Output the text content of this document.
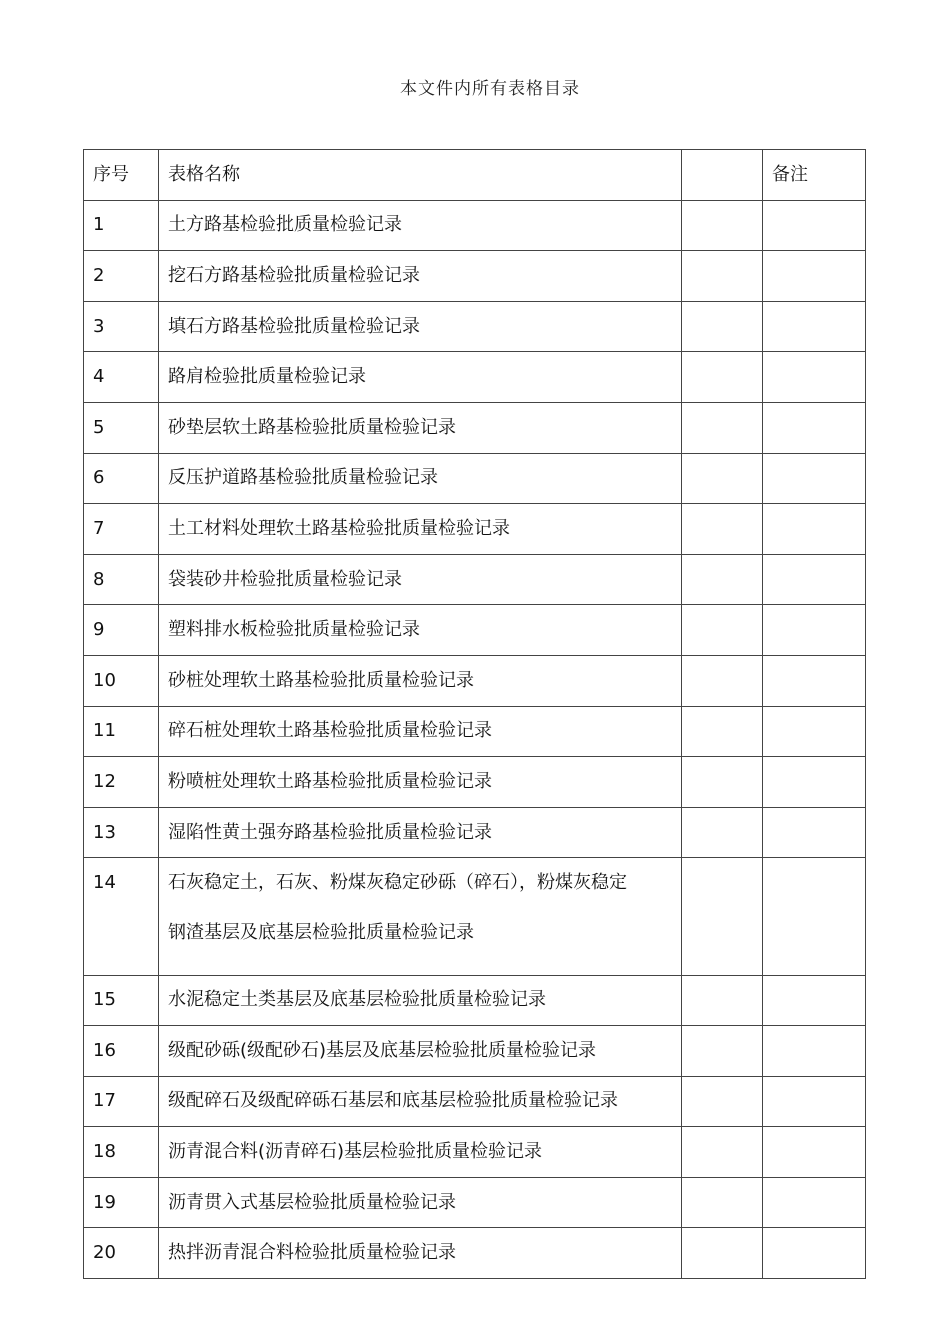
本文件内所有表格目录
序号	表格名称		备注
1	土方路基检验批质量检验记录		
2	挖石方路基检验批质量检验记录		
3	填石方路基检验批质量检验记录		
4	路肩检验批质量检验记录		
5	砂垫层软土路基检验批质量检验记录		
6	反压护道路基检验批质量检验记录		
7	土工材料处理软土路基检验批质量检验记录		
8	袋装砂井检验批质量检验记录		
9	塑料排水板检验批质量检验记录		
10	砂桩处理软土路基检验批质量检验记录		
11	碎石桩处理软土路基检验批质量检验记录		
12	粉喷桩处理软土路基检验批质量检验记录		
13	湿陷性黄土强夯路基检验批质量检验记录		
14	石灰稳定土，石灰、粉煤灰稳定砂砾（碎石），粉煤灰稳定
钢渣基层及底基层检验批质量检验记录		

15	水泥稳定土类基层及底基层检验批质量检验记录		
16	级配砂砾(级配砂石)基层及底基层检验批质量检验记录		
17	级配碎石及级配碎砾石基层和底基层检验批质量检验记录		
18	沥青混合料(沥青碎石)基层检验批质量检验记录		
19	沥青贯入式基层检验批质量检验记录		
20	热拌沥青混合料检验批质量检验记录		
